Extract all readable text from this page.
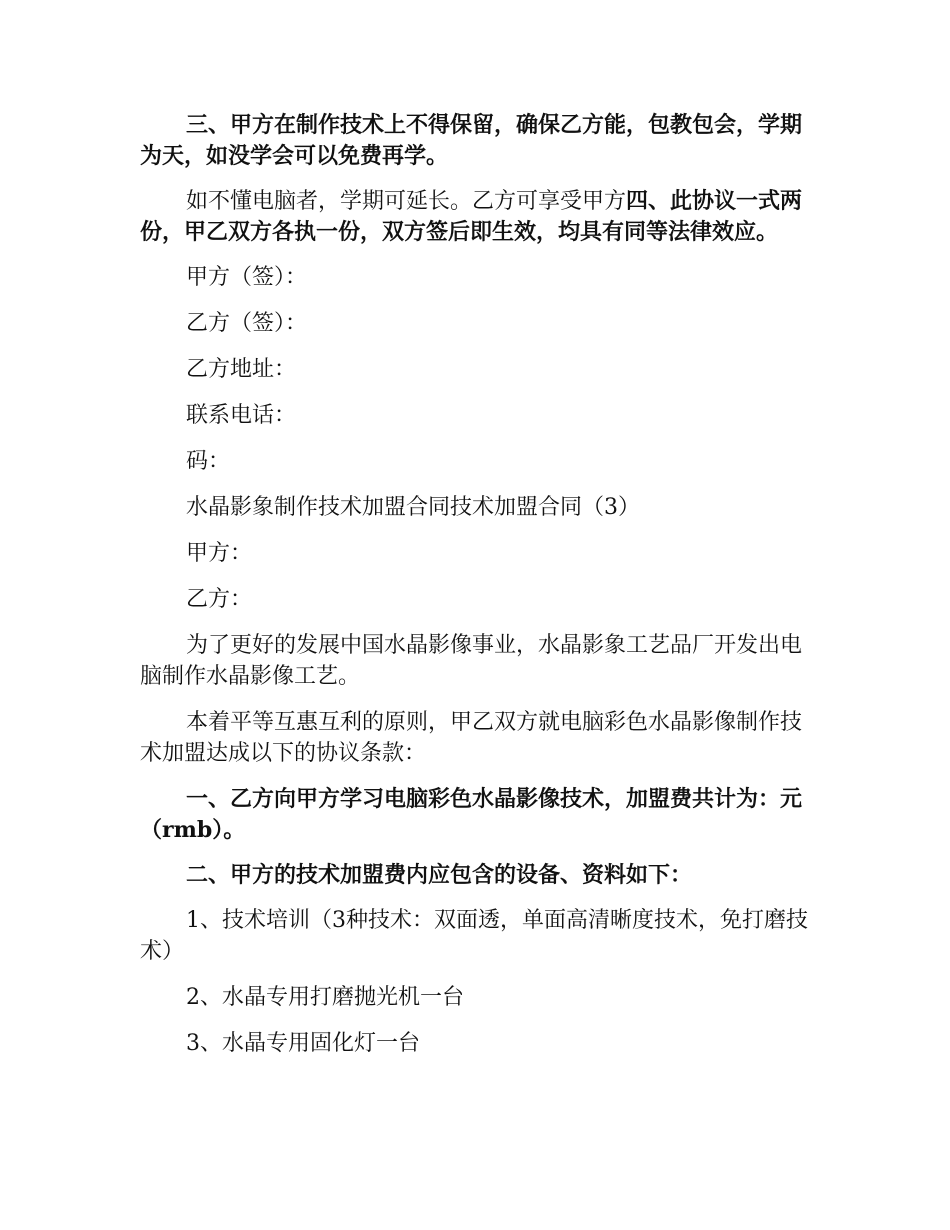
三、甲方在制作技术上不得保留，确保乙方能，包教包会，学期为天，如没学会可以免费再学。

如不懂电脑者，学期可延长。乙方可享受甲方四、此协议一式两份，甲乙双方各执一份，双方签后即生效，均具有同等法律效应。

甲方（签）：

乙方（签）：

乙方地址：

联系电话：

码：

水晶影象制作技术加盟合同技术加盟合同（3）

甲方：

乙方：

为了更好的发展中国水晶影像事业，水晶影象工艺品厂开发出电脑制作水晶影像工艺。

本着平等互惠互利的原则，甲乙双方就电脑彩色水晶影像制作技术加盟达成以下的协议条款：

一、乙方向甲方学习电脑彩色水晶影像技术，加盟费共计为：元（rmb）。

二、甲方的技术加盟费内应包含的设备、资料如下：

1、技术培训（3种技术：双面透，单面高清晰度技术，免打磨技术）

2、水晶专用打磨抛光机一台

3、水晶专用固化灯一台
